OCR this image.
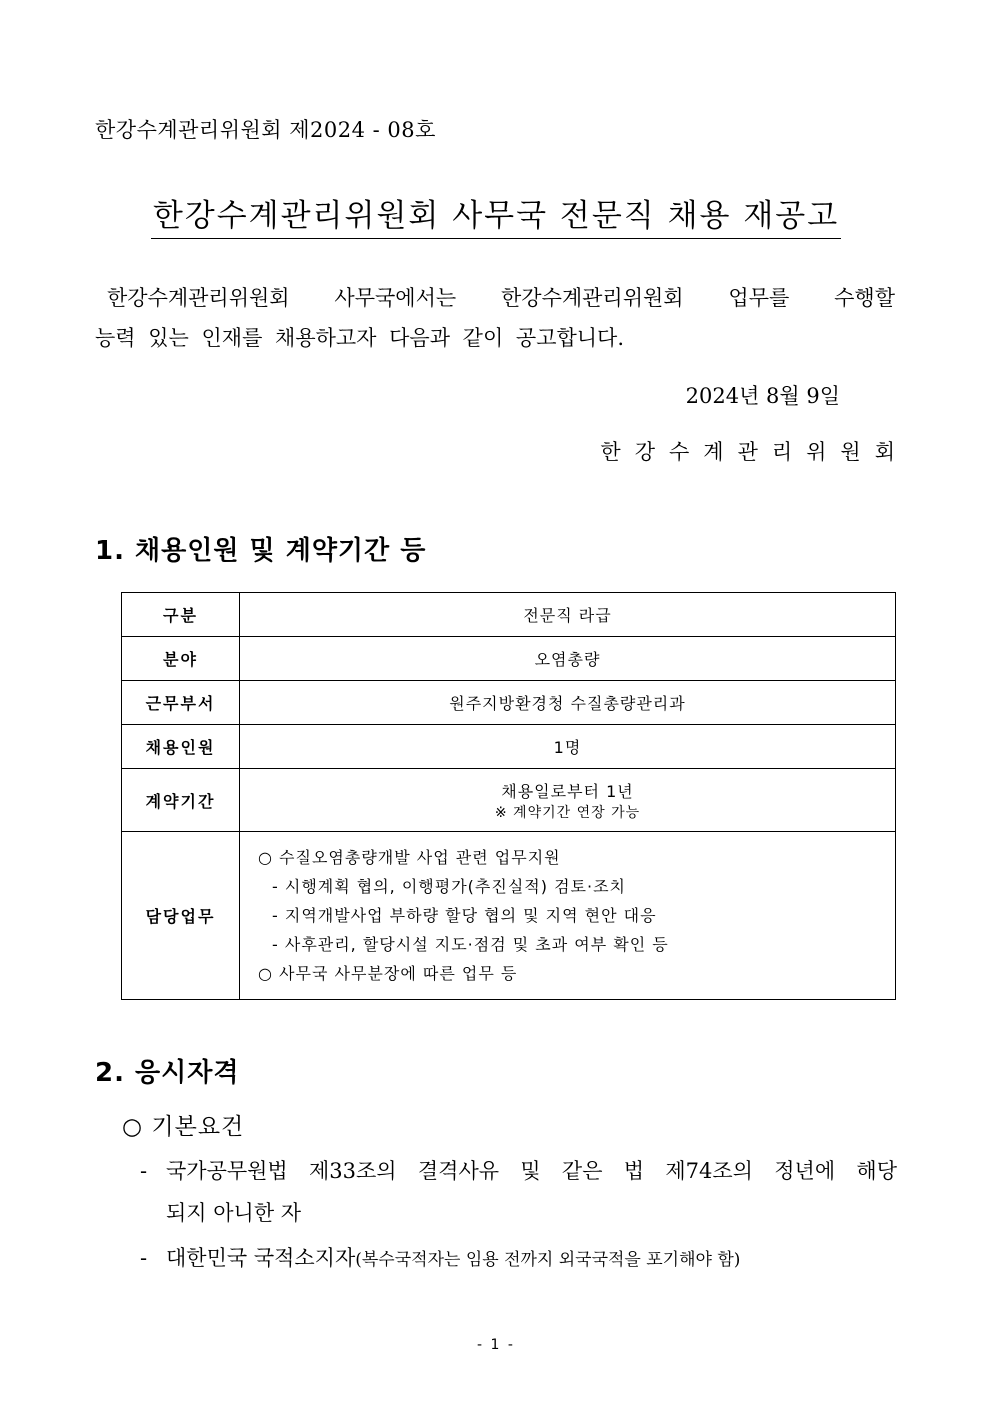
한강수계관리위원회 제2024 - 08호
한강수계관리위원회 사무국 전문직 채용 재공고
한강수계관리위원회 사무국에서는 한강수계관리위원회 업무를 수행할
능력 있는 인재를 채용하고자 다음과 같이 공고합니다.
2024년 8월 9일
한강수계관리위원회
1. 채용인원 및 계약기간 등
구분	전문직 라급
분야	오염총량
근무부서	원주지방환경청 수질총량관리과
채용인원	1명
계약기간	채용일로부터 1년
※ 계약기간 연장 가능

담당업무	○ 수질오염총량개발 사업 관련 업무지원
- 시행계획 협의, 이행평가(추진실적) 검토·조치
- 지역개발사업 부하량 할당 협의 및 지역 현안 대응
- 사후관리, 할당시설 지도·점검 및 초과 여부 확인 등
○ 사무국 사무분장에 따른 업무 등
2. 응시자격
○ 기본요건
- 국가공무원법 제33조의 결격사유 및 같은 법 제74조의 정년에 해당
되지 아니한 자
- 대한민국 국적소지자(복수국적자는 임용 전까지 외국국적을 포기해야 함)
- 1 -
